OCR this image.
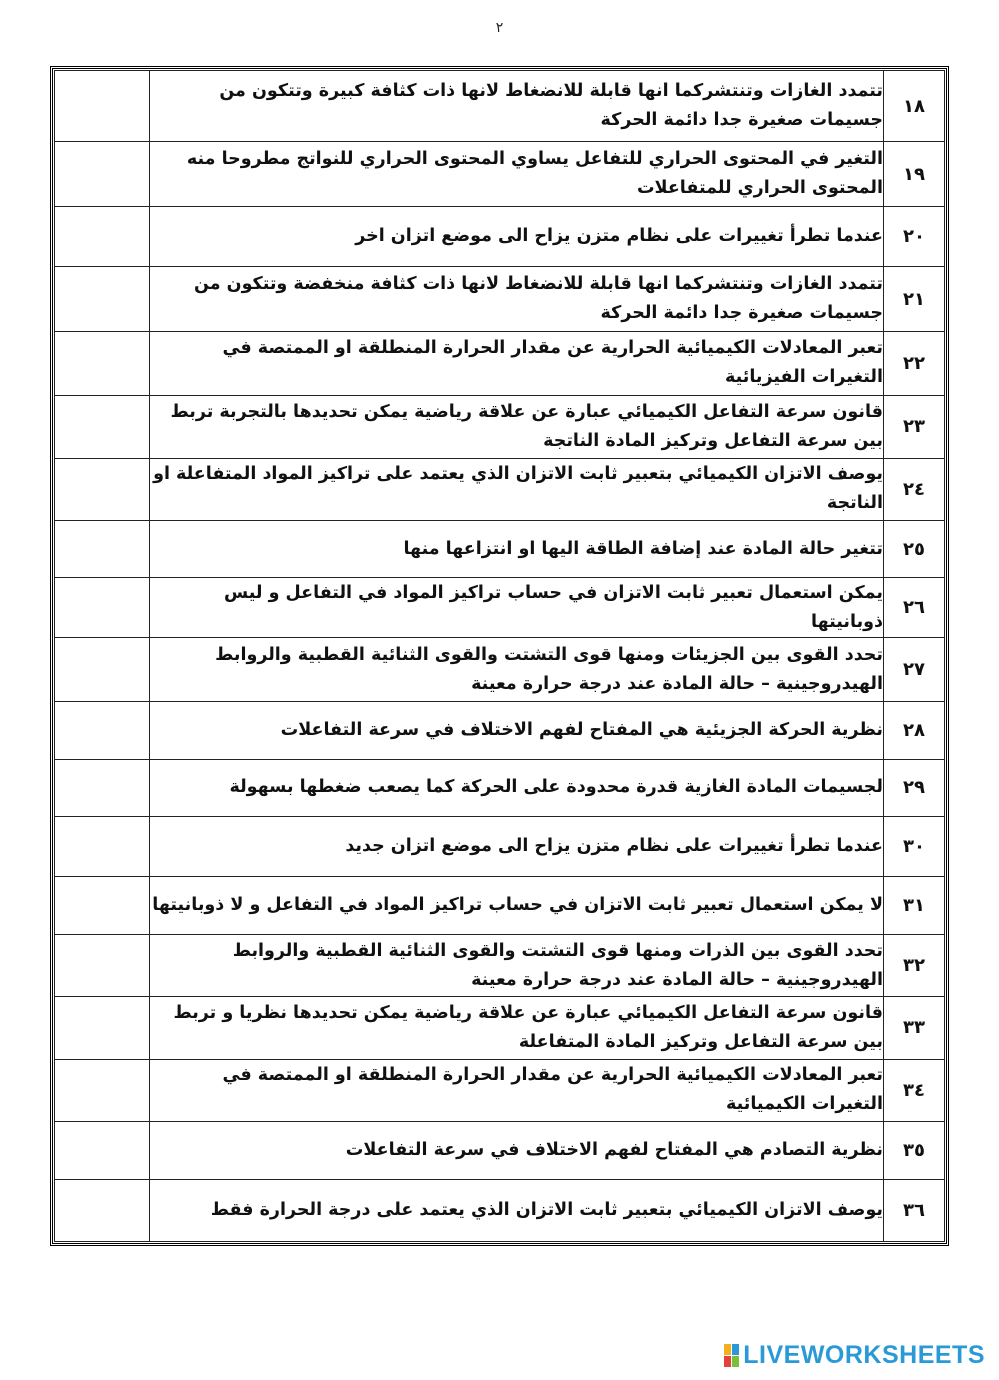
٢
١٨	تتمدد الغازات وتنتشركما انها قابلة للانضغاط لانها ذات كثافة كبيرة وتتكون من جسيمات صغيرة جدا دائمة الحركة	
١٩	التغير في المحتوى الحراري للتفاعل يساوي المحتوى الحراري للنواتج مطروحا منه المحتوى الحراري للمتفاعلات	
٢٠	عندما تطرأ تغييرات على نظام متزن يزاح الى موضع اتزان اخر	
٢١	تتمدد الغازات وتنتشركما انها قابلة للانضغاط لانها ذات كثافة منخفضة وتتكون من جسيمات صغيرة جدا دائمة الحركة	
٢٢	تعبر المعادلات الكيميائية الحرارية عن مقدار الحرارة المنطلقة او الممتصة في التغيرات الفيزيائية	
٢٣	قانون سرعة التفاعل الكيميائي عبارة عن علاقة رياضية يمكن تحديدها بالتجربة تربط بين سرعة التفاعل وتركيز المادة الناتجة	
٢٤	يوصف الاتزان الكيميائي بتعبير ثابت الاتزان الذي يعتمد على تراكيز المواد المتفاعلة او الناتجة	
٢٥	تتغير حالة المادة عند إضافة الطاقة اليها او انتزاعها منها	
٢٦	يمكن استعمال تعبير ثابت الاتزان في حساب تراكيز المواد في التفاعل و ليس ذوبانيتها	
٢٧	تحدد القوى بين الجزيئات ومنها قوى التشتت والقوى الثنائية القطبية والروابط الهيدروجينية – حالة المادة عند درجة حرارة معينة	
٢٨	نظرية الحركة الجزيئية هي المفتاح لفهم الاختلاف في سرعة التفاعلات	
٢٩	لجسيمات المادة الغازية قدرة محدودة على الحركة كما يصعب ضغطها بسهولة	
٣٠	عندما تطرأ تغييرات على نظام متزن يزاح الى موضع اتزان جديد	
٣١	لا يمكن استعمال تعبير ثابت الاتزان في حساب تراكيز المواد في التفاعل و لا ذوبانيتها	
٣٢	تحدد القوى بين الذرات ومنها قوى التشتت والقوى الثنائية القطبية والروابط الهيدروجينية – حالة المادة عند درجة حرارة معينة	
٣٣	قانون سرعة التفاعل الكيميائي عبارة عن علاقة رياضية يمكن تحديدها نظريا و تربط بين سرعة التفاعل وتركيز المادة المتفاعلة	
٣٤	تعبر المعادلات الكيميائية الحرارية عن مقدار الحرارة المنطلقة او الممتصة في التغيرات الكيميائية	
٣٥	نظرية التصادم هي المفتاح لفهم الاختلاف في سرعة التفاعلات	
٣٦	يوصف الاتزان الكيميائي بتعبير ثابت الاتزان الذي يعتمد على درجة الحرارة فقط	
LIVEWORKSHEETS
